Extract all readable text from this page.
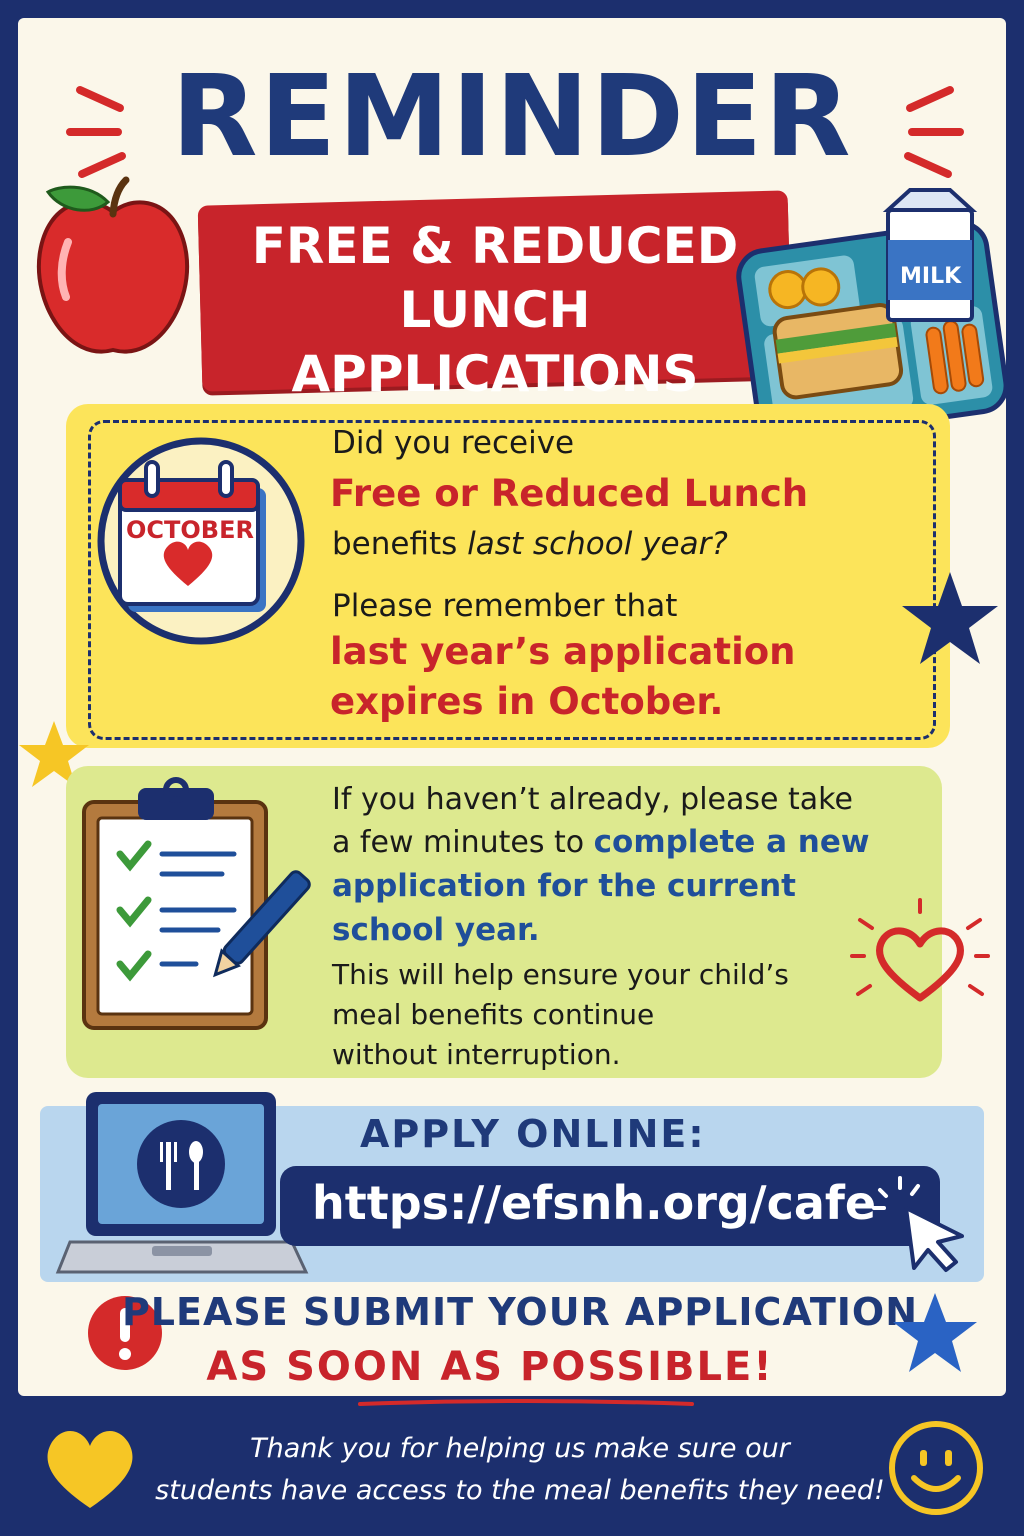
REMINDER
FREE & REDUCED
LUNCH APPLICATIONS
MILK
OCTOBER
Did you receive
Free or Reduced Lunch
benefits last school year?
Please remember that
last year’s application
expires in October.
If you haven’t already, please take
a few minutes to complete a new
application for the current
school year.
This will help ensure your child’s
meal benefits continue
without interruption.
APPLY ONLINE:
https://efsnh.org/cafe
PLEASE SUBMIT YOUR APPLICATION
AS SOON AS POSSIBLE!
Thank you for helping us make sure our
students have access to the meal benefits they need!
